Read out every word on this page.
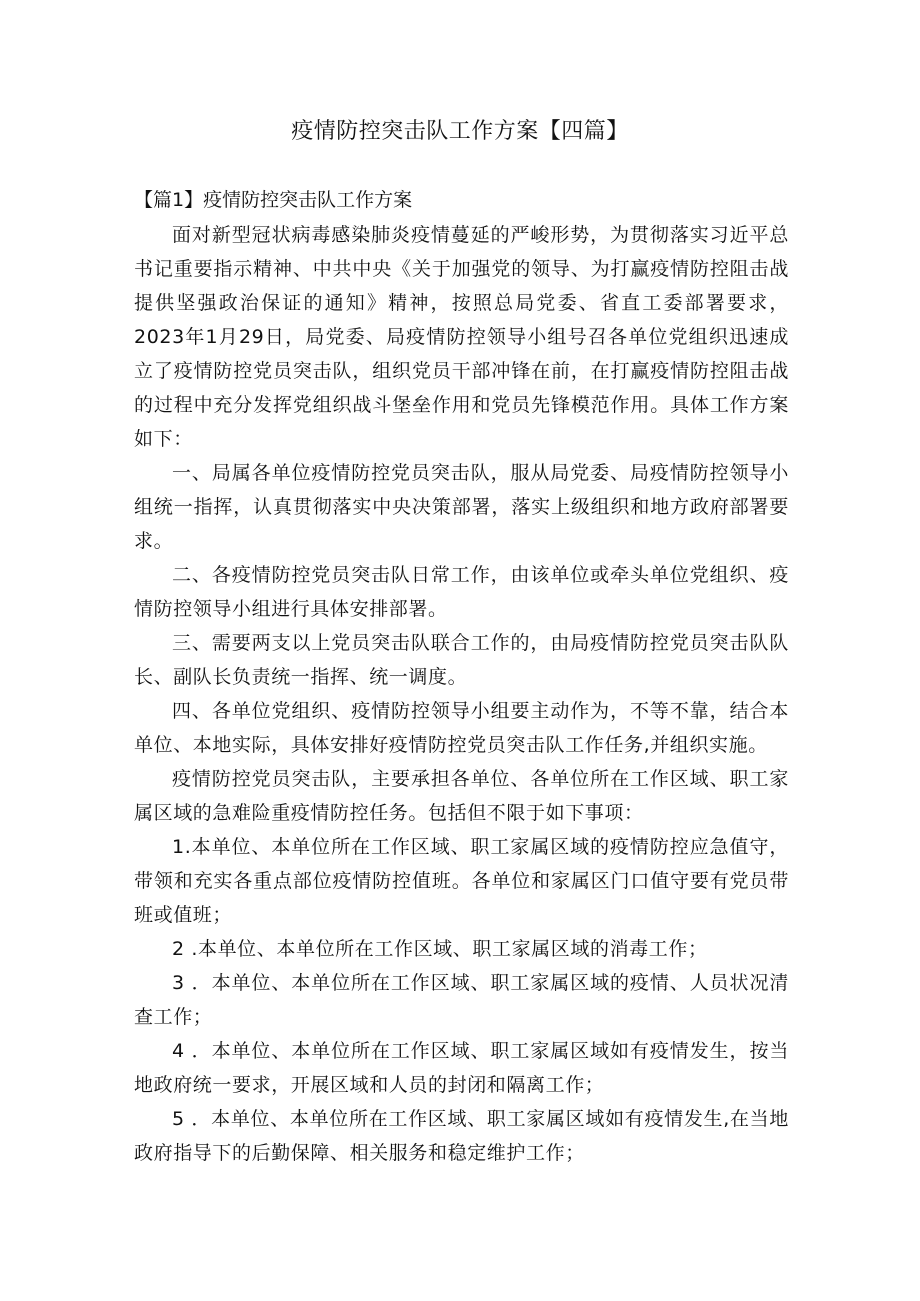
疫情防控突击队工作方案【四篇】
【篇1】疫情防控突击队工作方案

面对新型冠状病毒感染肺炎疫情蔓延的严峻形势，为贯彻落实习近平总书记重要指示精神、中共中央《关于加强党的领导、为打赢疫情防控阻击战提供坚强政治保证的通知》精神，按照总局党委、省直工委部署要求，2023年1月29日，局党委、局疫情防控领导小组号召各单位党组织迅速成立了疫情防控党员突击队，组织党员干部冲锋在前，在打赢疫情防控阻击战的过程中充分发挥党组织战斗堡垒作用和党员先锋模范作用。具体工作方案如下：

一、局属各单位疫情防控党员突击队，服从局党委、局疫情防控领导小组统一指挥，认真贯彻落实中央决策部署，落实上级组织和地方政府部署要求。

二、各疫情防控党员突击队日常工作，由该单位或牵头单位党组织、疫情防控领导小组进行具体安排部署。

三、需要两支以上党员突击队联合工作的，由局疫情防控党员突击队队长、副队长负责统一指挥、统一调度。

四、各单位党组织、疫情防控领导小组要主动作为，不等不靠，结合本单位、本地实际，具体安排好疫情防控党员突击队工作任务,并组织实施。

疫情防控党员突击队，主要承担各单位、各单位所在工作区域、职工家属区域的急难险重疫情防控任务。包括但不限于如下事项：

1.本单位、本单位所在工作区域、职工家属区域的疫情防控应急值守，带领和充实各重点部位疫情防控值班。各单位和家属区门口值守要有党员带班或值班；

2 .本单位、本单位所在工作区域、职工家属区域的消毒工作；

3 ．本单位、本单位所在工作区域、职工家属区域的疫情、人员状况清查工作；

4 ．本单位、本单位所在工作区域、职工家属区域如有疫情发生，按当地政府统一要求，开展区域和人员的封闭和隔离工作；

5 ．本单位、本单位所在工作区域、职工家属区域如有疫情发生,在当地政府指导下的后勤保障、相关服务和稳定维护工作；
